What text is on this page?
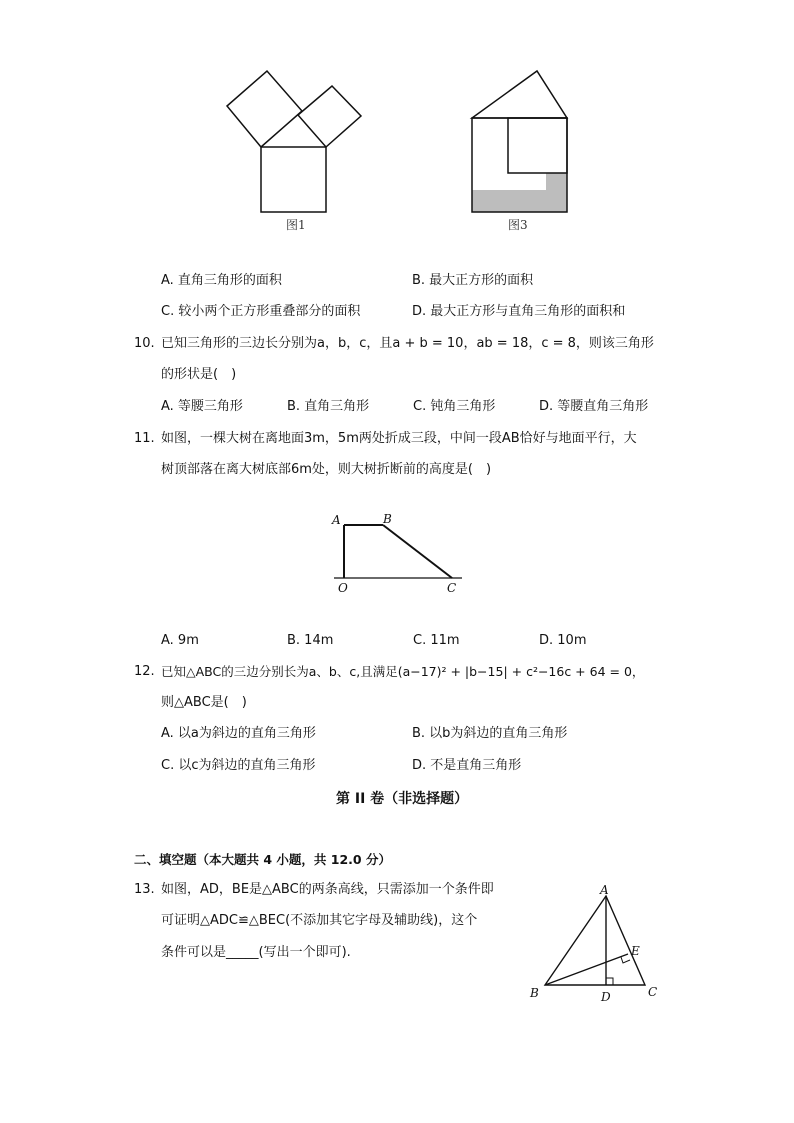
图1	图3
A. 直角三角形的面积	B. 最大正方形的面积
C. 较小两个正方形重叠部分的面积	D. 最大正方形与直角三角形的面积和
10. 已知三角形的三边长分别为a，b，c，且a + b = 10，ab = 18，c = 8，则该三角形
的形状是(　)
A. 等腰三角形	B. 直角三角形	C. 钝角三角形	D. 等腰直角三角形
11. 如图，一棵大树在离地面3m，5m两处折成三段，中间一段AB恰好与地面平行，大
树顶部落在离大树底部6m处，则大树折断前的高度是(　)
A	B
O	C
A. 9m	B. 14m	C. 11m	D. 10m
12. 已知△ABC的三边分别长为a、b、c,且满足(a−17)² + |b−15| + c²−16c + 64 = 0，
则△ABC是(　)
A. 以a为斜边的直角三角形	B. 以b为斜边的直角三角形
C. 以c为斜边的直角三角形	D. 不是直角三角形
第 II 卷（非选择题）
二、填空题（本大题共 4 小题，共 12.0 分）
13. 如图，AD，BE是△ABC的两条高线，只需添加一个条件即
可证明△ADC≌△BEC(不添加其它字母及辅助线)，这个
条件可以是_____(写出一个即可).
A
B	C
D
E
